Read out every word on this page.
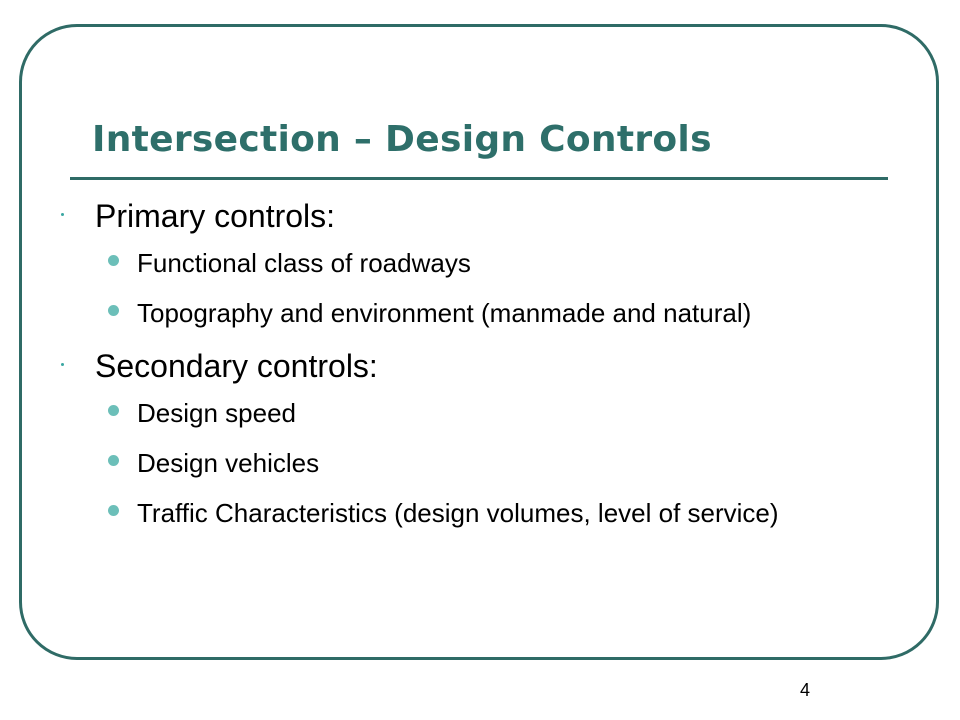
Intersection – Design Controls
Primary controls:
Functional class of roadways
Topography and environment (manmade and natural)
Secondary controls:
Design speed
Design vehicles
Traffic Characteristics (design volumes, level of service)
4
